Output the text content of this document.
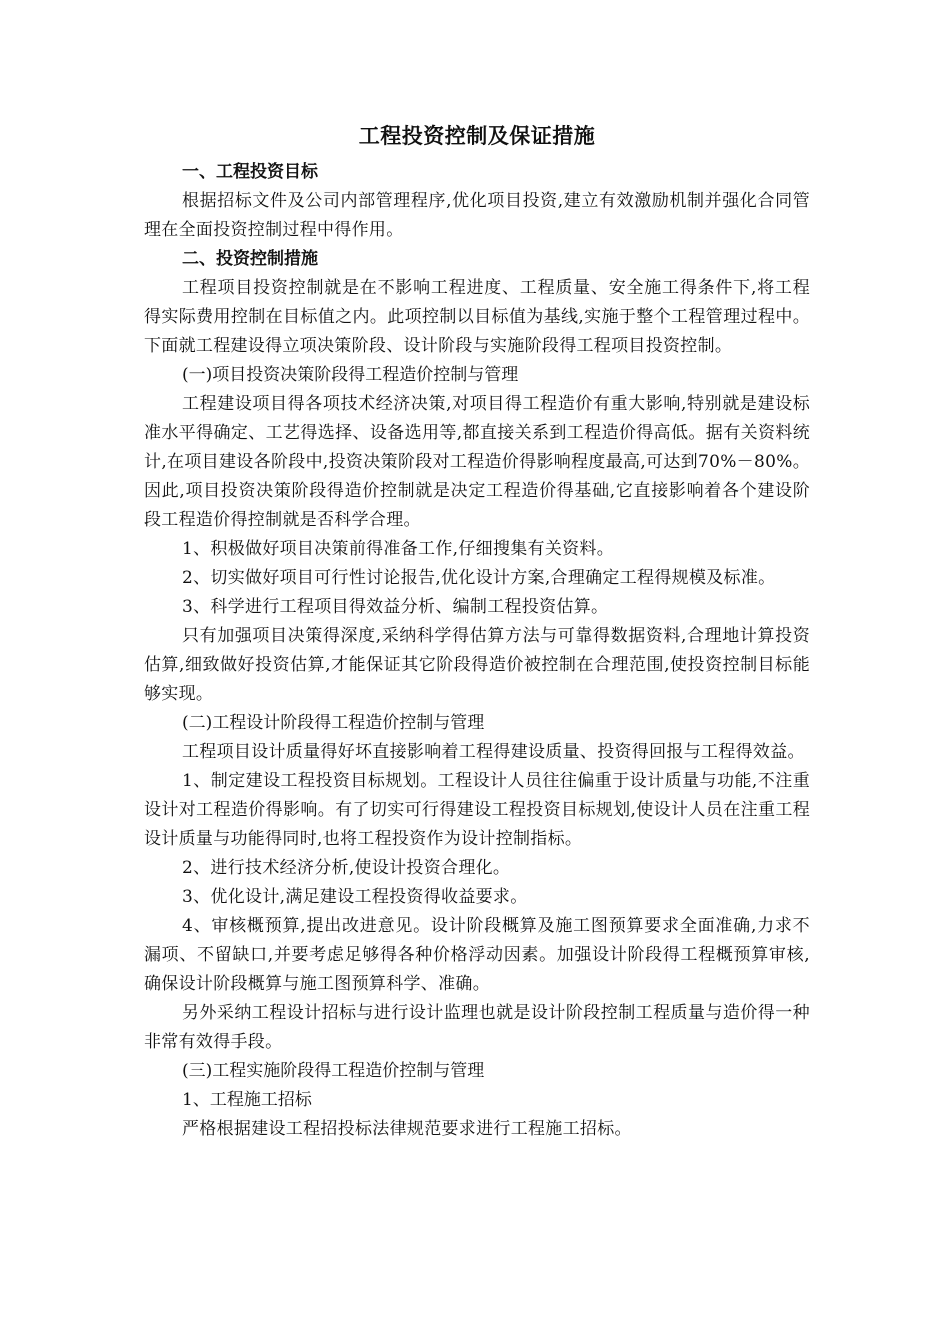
工程投资控制及保证措施
一、工程投资目标

根据招标文件及公司内部管理程序,优化项目投资,建立有效激励机制并强化合同管理在全面投资控制过程中得作用。

二、投资控制措施

工程项目投资控制就是在不影响工程进度、工程质量、安全施工得条件下,将工程得实际费用控制在目标值之内。此项控制以目标值为基线,实施于整个工程管理过程中。下面就工程建设得立项决策阶段、设计阶段与实施阶段得工程项目投资控制。

(一)项目投资决策阶段得工程造价控制与管理

工程建设项目得各项技术经济决策,对项目得工程造价有重大影响,特别就是建设标准水平得确定、工艺得选择、设备选用等,都直接关系到工程造价得高低。据有关资料统计,在项目建设各阶段中,投资决策阶段对工程造价得影响程度最高,可达到70%－80%。因此,项目投资决策阶段得造价控制就是决定工程造价得基础,它直接影响着各个建设阶段工程造价得控制就是否科学合理。

1、积极做好项目决策前得准备工作,仔细搜集有关资料。

2、切实做好项目可行性讨论报告,优化设计方案,合理确定工程得规模及标准。

3、科学进行工程项目得效益分析、编制工程投资估算。

只有加强项目决策得深度,采纳科学得估算方法与可靠得数据资料,合理地计算投资估算,细致做好投资估算,才能保证其它阶段得造价被控制在合理范围,使投资控制目标能够实现。

(二)工程设计阶段得工程造价控制与管理

工程项目设计质量得好坏直接影响着工程得建设质量、投资得回报与工程得效益。

1、制定建设工程投资目标规划。工程设计人员往往偏重于设计质量与功能,不注重设计对工程造价得影响。有了切实可行得建设工程投资目标规划,使设计人员在注重工程设计质量与功能得同时,也将工程投资作为设计控制指标。

2、进行技术经济分析,使设计投资合理化。

3、优化设计,满足建设工程投资得收益要求。

4、审核概预算,提出改进意见。设计阶段概算及施工图预算要求全面准确,力求不漏项、不留缺口,并要考虑足够得各种价格浮动因素。加强设计阶段得工程概预算审核,确保设计阶段概算与施工图预算科学、准确。

另外采纳工程设计招标与进行设计监理也就是设计阶段控制工程质量与造价得一种非常有效得手段。

(三)工程实施阶段得工程造价控制与管理
1、工程施工招标

严格根据建设工程招投标法律规范要求进行工程施工招标。
